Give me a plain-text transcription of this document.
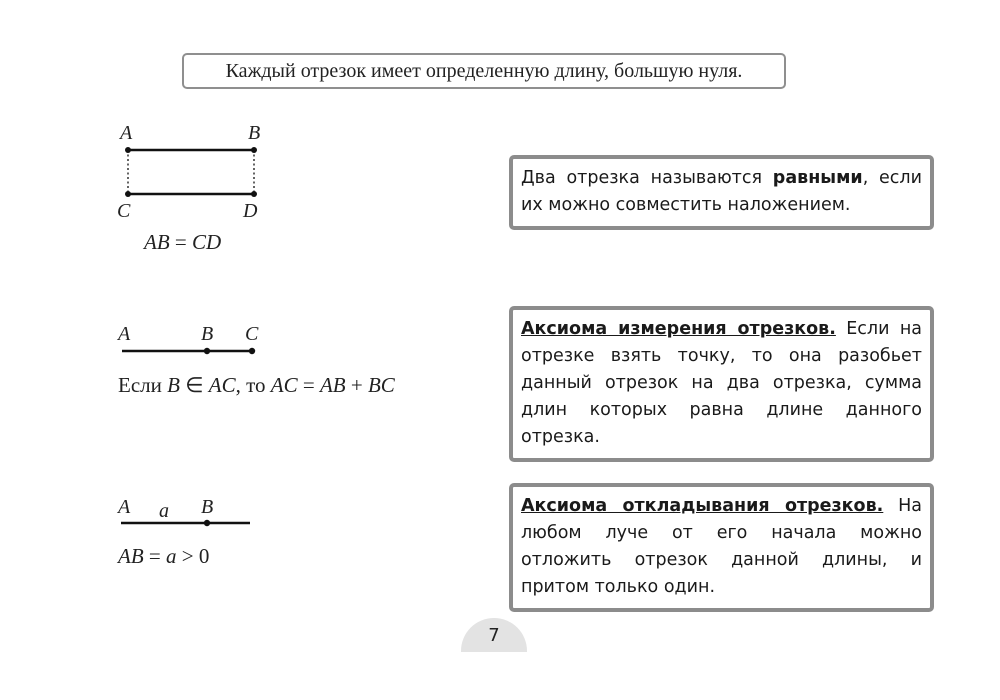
Каждый отрезок имеет определенную длину, большую нуля.
A	B
C	D
AB = CD
Два отрезка называются равными, если их можно совместить наложением.
A	B C
Если B ∈ AC, то AC = AB + BC
Аксиома измерения отрезков. Если на отрезке взять точку, то она разобьет данный отрезок на два отрезка, сумма длин которых равна длине данного отрезка.
A a B
AB = a > 0
Аксиома откладывания отрезков. На любом луче от его начала можно отложить отрезок данной длины, и притом только один.
7
